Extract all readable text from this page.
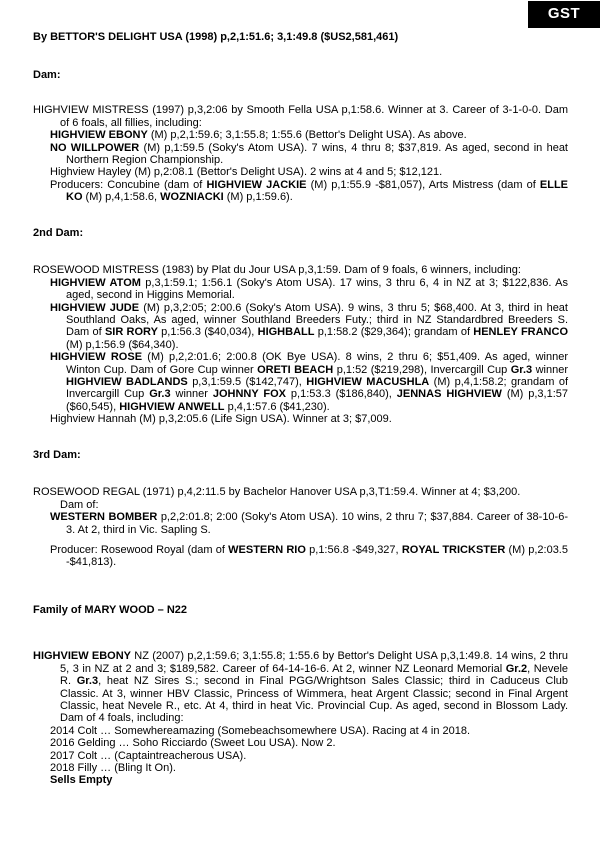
GST
By BETTOR'S DELIGHT USA (1998) p,2,1:51.6; 3,1:49.8 ($US2,581,461)
Dam:
HIGHVIEW MISTRESS (1997) p,3,2:06 by Smooth Fella USA p,1:58.6. Winner at 3. Career of 3-1-0-0. Dam of 6 foals, all fillies, including:
HIGHVIEW EBONY (M) p,2,1:59.6; 3,1:55.8; 1:55.6 (Bettor's Delight USA). As above.
NO WILLPOWER (M) p,1:59.5 (Soky's Atom USA). 7 wins, 4 thru 8; $37,819. As aged, second in heat Northern Region Championship.
Highview Hayley (M) p,2:08.1 (Bettor's Delight USA). 2 wins at 4 and 5; $12,121.
Producers: Concubine (dam of HIGHVIEW JACKIE (M) p,1:55.9 -$81,057), Arts Mistress (dam of ELLE KO (M) p,4,1:58.6, WOZNIACKI (M) p,1:59.6).
2nd Dam:
ROSEWOOD MISTRESS (1983) by Plat du Jour USA p,3,1:59. Dam of 9 foals, 6 winners, including:
HIGHVIEW ATOM p,3,1:59.1; 1:56.1 (Soky's Atom USA). 17 wins, 3 thru 6, 4 in NZ at 3; $122,836. As aged, second in Higgins Memorial.
HIGHVIEW JUDE (M) p,3,2:05; 2:00.6 (Soky's Atom USA). 9 wins, 3 thru 5; $68,400. At 3, third in heat Southland Oaks, As aged, winner Southland Breeders Futy.; third in NZ Standardbred Breeders S. Dam of SIR RORY p,1:56.3 ($40,034), HIGHBALL p,1:58.2 ($29,364); grandam of HENLEY FRANCO (M) p,1:56.9 ($64,340).
HIGHVIEW ROSE (M) p,2,2:01.6; 2:00.8 (OK Bye USA). 8 wins, 2 thru 6; $51,409. As aged, winner Winton Cup. Dam of Gore Cup winner ORETI BEACH p,1:52 ($219,298), Invercargill Cup Gr.3 winner HIGHVIEW BADLANDS p,3,1:59.5 ($142,747), HIGHVIEW MACUSHLA (M) p,4,1:58.2; grandam of Invercargill Cup Gr.3 winner JOHNNY FOX p,1:53.3 ($186,840), JENNAS HIGHVIEW (M) p,3,1:57 ($60,545), HIGHVIEW ANWELL p,4,1:57.6 ($41,230).
Highview Hannah (M) p,3,2:05.6 (Life Sign USA). Winner at 3; $7,009.
3rd Dam:
ROSEWOOD REGAL (1971) p,4,2:11.5 by Bachelor Hanover USA p,3,T1:59.4. Winner at 4; $3,200.
Dam of:
WESTERN BOMBER p,2,2:01.8; 2:00 (Soky's Atom USA). 10 wins, 2 thru 7; $37,884. Career of 38-10-6-3. At 2, third in Vic. Sapling S.
Producer: Rosewood Royal (dam of WESTERN RIO p,1:56.8 -$49,327, ROYAL TRICKSTER (M) p,2:03.5 -$41,813).
Family of MARY WOOD – N22
HIGHVIEW EBONY NZ (2007) p,2,1:59.6; 3,1:55.8; 1:55.6 by Bettor's Delight USA p,3,1:49.8. 14 wins, 2 thru 5, 3 in NZ at 2 and 3; $189,582. Career of 64-14-16-6. At 2, winner NZ Leonard Memorial Gr.2, Nevele R. Gr.3, heat NZ Sires S.; second in Final PGG/Wrightson Sales Classic; third in Caduceus Club Classic. At 3, winner HBV Classic, Princess of Wimmera, heat Argent Classic; second in Final Argent Classic, heat Nevele R., etc. At 4, third in heat Vic. Provincial Cup. As aged, second in Blossom Lady. Dam of 4 foals, including:
2014 Colt … Somewhereamazing (Somebeachsomewhere USA). Racing at 4 in 2018.
2016 Gelding … Soho Ricciardo (Sweet Lou USA). Now 2.
2017 Colt … (Captaintreacherous USA).
2018 Filly … (Bling It On).
Sells Empty
